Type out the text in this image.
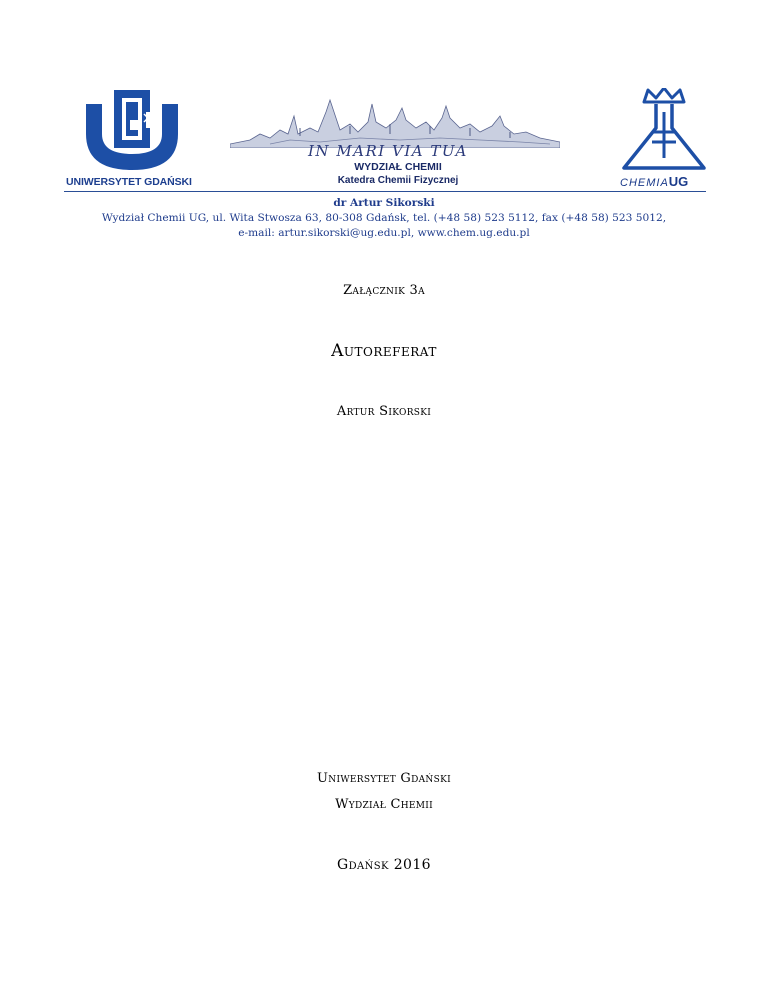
UNIWERSYTET GDAŃSKI
IN MARI VIA TUA
WYDZIAŁ CHEMII
Katedra Chemii Fizycznej	CHEMIAUG
dr Artur Sikorski
Wydział Chemii UG, ul. Wita Stwosza 63, 80-308 Gdańsk, tel. (+48 58) 523 5112, fax (+48 58) 523 5012,
e-mail: artur.sikorski@ug.edu.pl, www.chem.ug.edu.pl
Załącznik 3a
Autoreferat
Artur Sikorski
Uniwersytet Gdański
Wydział Chemii
Gdańsk 2016
